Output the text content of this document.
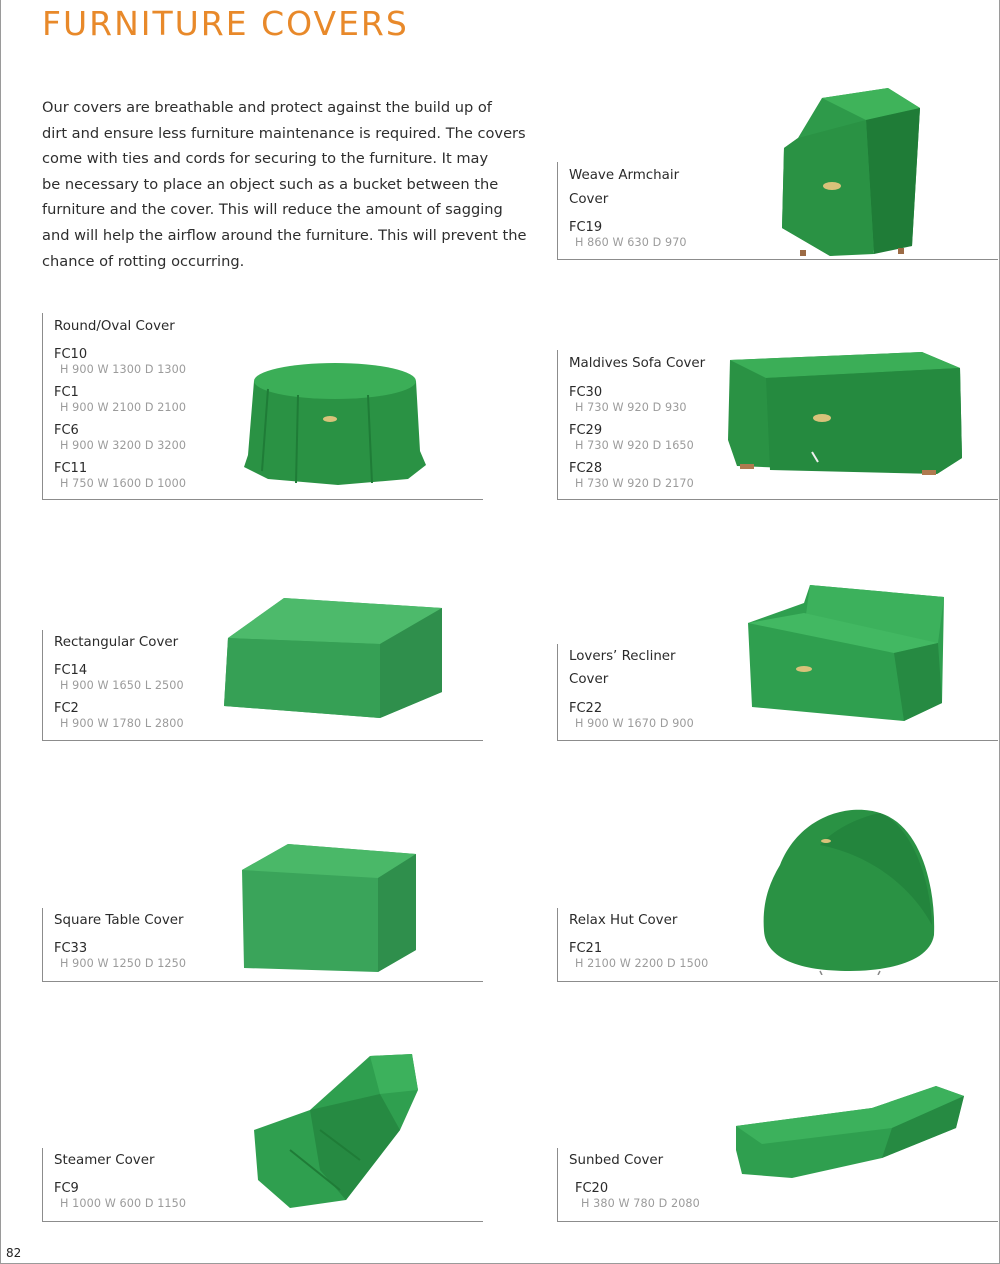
FURNITURE COVERS
Our covers are breathable and protect against the build up of
dirt and ensure less furniture maintenance is required. The covers
come with ties and cords for securing to the furniture. It may
be necessary to place an object such as a bucket between the
furniture and the cover. This will reduce the amount of sagging
and will help the airflow around the furniture. This will prevent the
chance of rotting occurring.
Weave Armchair
Cover
FC19
H 860 W 630 D 970
Round/Oval Cover
FC10
H 900 W 1300 D 1300
FC1
H 900 W 2100 D 2100
FC6
H 900 W 3200 D 3200
FC11
H 750 W 1600 D 1000
Maldives Sofa Cover
FC30
H 730 W 920 D 930
FC29
H 730 W 920 D 1650
FC28
H 730 W 920 D 2170
Rectangular Cover
FC14
H 900 W 1650 L 2500
FC2
H 900 W 1780 L 2800
Lovers’ Recliner
Cover
FC22
H 900 W 1670 D 900
Square Table Cover
FC33
H 900 W 1250 D 1250
Relax Hut Cover
FC21
H 2100 W 2200 D 1500
Steamer Cover
FC9
H 1000 W 600 D 1150
Sunbed Cover
FC20
H 380 W 780 D 2080
82
